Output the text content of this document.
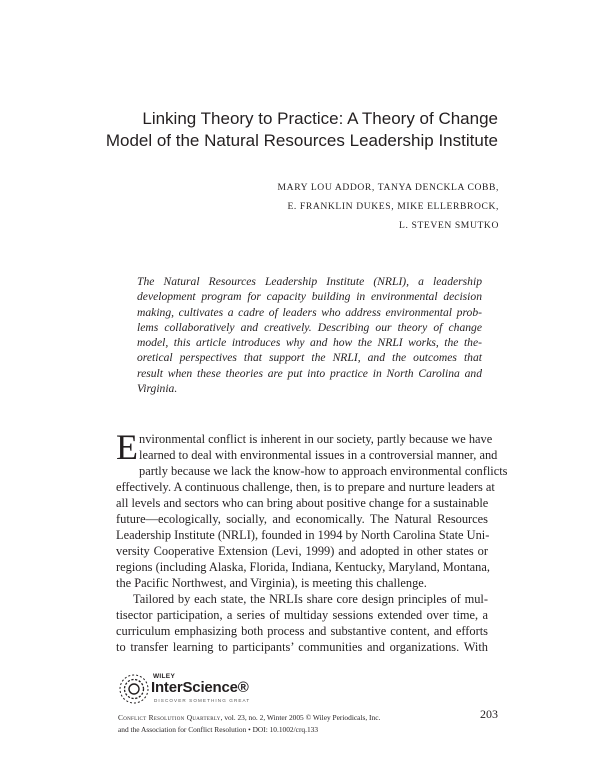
Linking Theory to Practice: A Theory of Change
Model of the Natural Resources Leadership Institute
MARY LOU ADDOR, TANYA DENCKLA COBB,
E. FRANKLIN DUKES, MIKE ELLERBROCK,
L. STEVEN SMUTKO
The Natural Resources Leadership Institute (NRLI), a leadership
development program for capacity building in environmental decision
making, cultivates a cadre of leaders who address environmental prob-
lems collaboratively and creatively. Describing our theory of change
model, this article introduces why and how the NRLI works, the the-
oretical perspectives that support the NRLI, and the outcomes that
result when these theories are put into practice in North Carolina and
Virginia.
E nvironmental conflict is inherent in our society, partly because we have
learned to deal with environmental issues in a controversial manner, and
partly because we lack the know-how to approach environmental conflicts
effectively. A continuous challenge, then, is to prepare and nurture leaders at
all levels and sectors who can bring about positive change for a sustainable
future—ecologically, socially, and economically. The Natural Resources
Leadership Institute (NRLI), founded in 1994 by North Carolina State Uni-
versity Cooperative Extension (Levi, 1999) and adopted in other states or
regions (including Alaska, Florida, Indiana, Kentucky, Maryland, Montana,
the Pacific Northwest, and Virginia), is meeting this challenge.
Tailored by each state, the NRLIs share core design principles of mul-
tisector participation, a series of multiday sessions extended over time, a
curriculum emphasizing both process and substantive content, and efforts
to transfer learning to participants’ communities and organizations. With
WILEY
InterScience®
DISCOVER SOMETHING GREAT
Conflict Resolution Quarterly, vol. 23, no. 2, Winter 2005 © Wiley Periodicals, Inc.
and the Association for Conflict Resolution • DOI: 10.1002/crq.133
203
